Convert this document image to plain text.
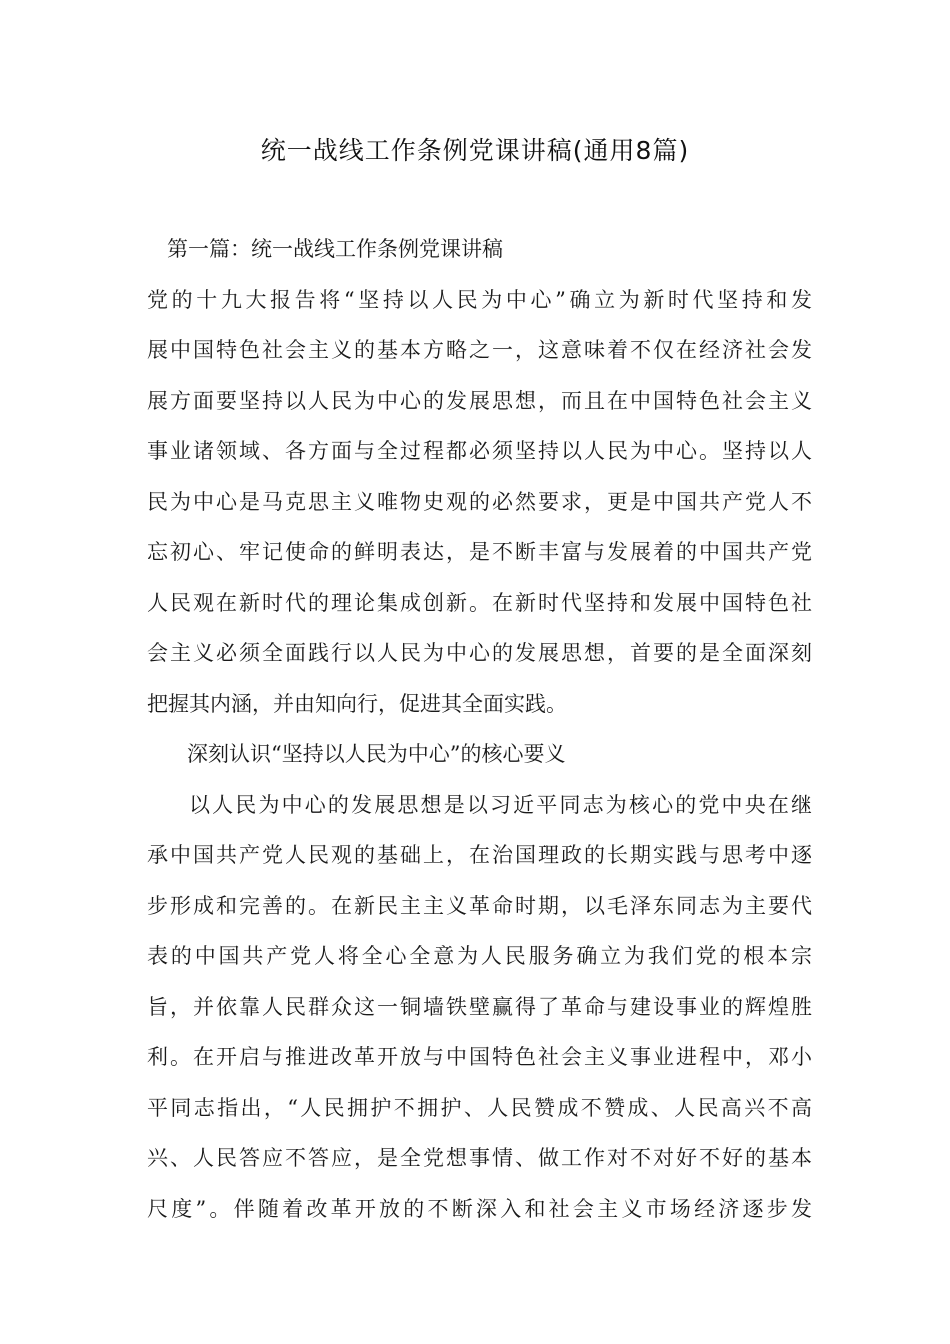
统一战线工作条例党课讲稿(通用8篇)
第一篇：统一战线工作条例党课讲稿
党的十九大报告将“坚持以人民为中心”确立为新时代坚持和发
展中国特色社会主义的基本方略之一，这意味着不仅在经济社会发
展方面要坚持以人民为中心的发展思想，而且在中国特色社会主义
事业诸领域、各方面与全过程都必须坚持以人民为中心。坚持以人
民为中心是马克思主义唯物史观的必然要求，更是中国共产党人不
忘初心、牢记使命的鲜明表达，是不断丰富与发展着的中国共产党
人民观在新时代的理论集成创新。在新时代坚持和发展中国特色社
会主义必须全面践行以人民为中心的发展思想，首要的是全面深刻
把握其内涵，并由知向行，促进其全面实践。
深刻认识“坚持以人民为中心”的核心要义
以人民为中心的发展思想是以习近平同志为核心的党中央在继
承中国共产党人民观的基础上，在治国理政的长期实践与思考中逐
步形成和完善的。在新民主主义革命时期，以毛泽东同志为主要代
表的中国共产党人将全心全意为人民服务确立为我们党的根本宗
旨，并依靠人民群众这一铜墙铁壁赢得了革命与建设事业的辉煌胜
利。在开启与推进改革开放与中国特色社会主义事业进程中，邓小
平同志指出，“人民拥护不拥护、人民赞成不赞成、人民高兴不高
兴、人民答应不答应，是全党想事情、做工作对不对好不好的基本
尺度”。伴随着改革开放的不断深入和社会主义市场经济逐步发
